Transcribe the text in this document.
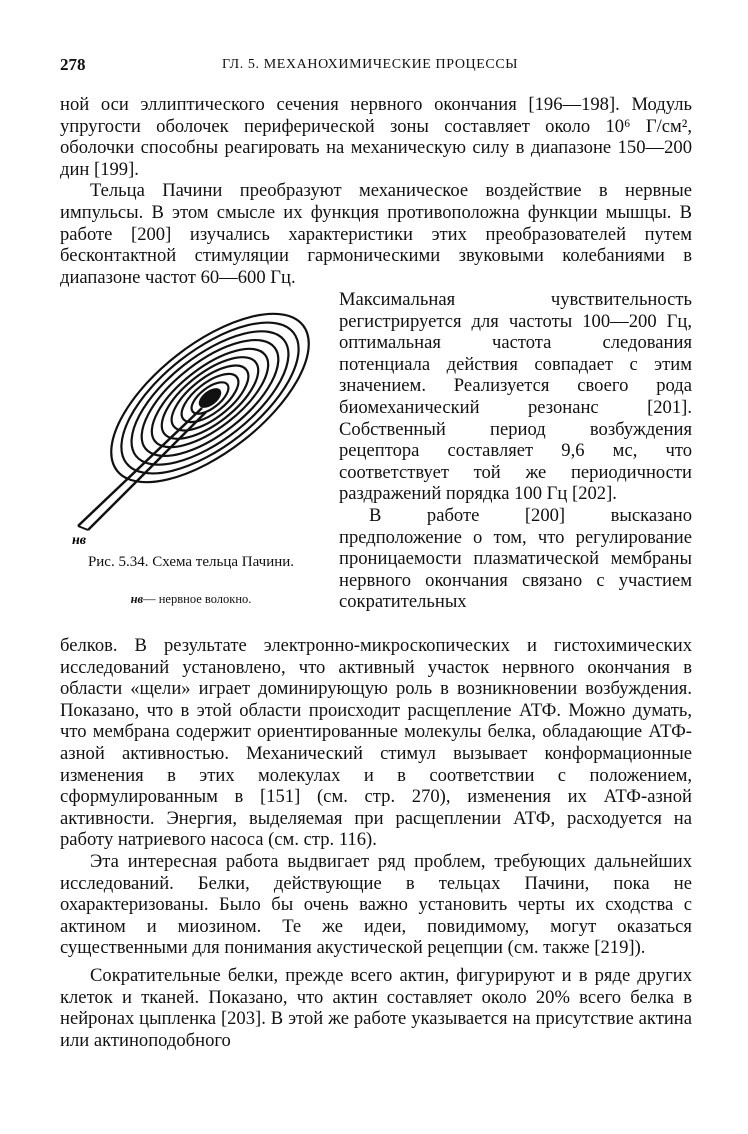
278	ГЛ. 5. МЕХАНОХИМИЧЕСКИЕ ПРОЦЕССЫ

ной оси эллиптического сечения нервного окончания [196—198]. Модуль упругости оболочек периферической зоны составляет около 10⁶ Г/см², оболочки способны реагировать на механическую силу в диапазоне 150—200 дин [199].

Тельца Пачини преобразуют механическое воздействие в нервные импульсы. В этом смысле их функция противоположна функции мышцы. В работе [200] изучались характеристики этих преобразователей путем бесконтактной стимуляции гармоническими звуковыми колебаниями в диапазоне частот 60—600 Гц.

нв
Рис. 5.34. Схема тельца Пачини.
нв— нервное волокно.

Максимальная чувствительность регистрируется для частоты 100—200 Гц, оптимальная частота следования потенциала действия совпадает с этим значением. Реализуется своего рода биомеханический резонанс [201]. Собственный период возбуждения рецептора составляет 9,6 мс, что соответствует той же периодичности раздражений порядка 100 Гц [202].

В работе [200] высказано предположение о том, что регулирование проницаемости плазматической мембраны нервного окончания связано с участием сократительных

белков. В результате электронно-микроскопических и гистохимических исследований установлено, что активный участок нервного окончания в области «щели» играет доминирующую роль в возникновении возбуждения. Показано, что в этой области происходит расщепление АТФ. Можно думать, что мембрана содержит ориентированные молекулы белка, обладающие АТФ-азной активностью. Механический стимул вызывает конформационные изменения в этих молекулах и в соответствии с положением, сформулированным в [151] (см. стр. 270), изменения их АТФ-азной активности. Энергия, выделяемая при расщеплении АТФ, расходуется на работу натриевого насоса (см. стр. 116).

Эта интересная работа выдвигает ряд проблем, требующих дальнейших исследований. Белки, действующие в тельцах Пачини, пока не охарактеризованы. Было бы очень важно установить черты их сходства с актином и миозином. Те же идеи, повидимому, могут оказаться существенными для понимания акустической рецепции (см. также [219]).

Сократительные белки, прежде всего актин, фигурируют и в ряде других клеток и тканей. Показано, что актин составляет около 20% всего белка в нейронах цыпленка [203]. В этой же работе указывается на присутствие актина или актиноподобного
